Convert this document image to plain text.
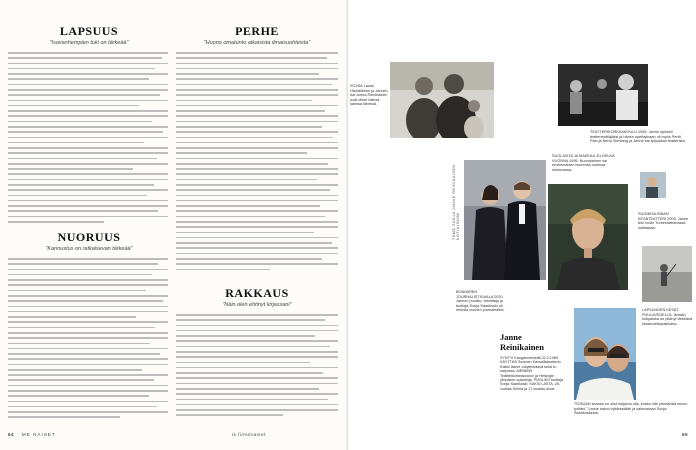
LAPSUUS
”Isovanhempien tuki on tärkeää”
NUORUUS
”Kannustus on ratkaisevan tärkeää”
PERHE
”Huono omatunto aikaisista ilmaisuohteista”
RAKKAUS
”Näin olen ehtinyt kirjassani”
64 ME NAISET	is.fi/menaiset
ISOISÄ Lasse Hämäläinen ja Jannen isä Jorma Reinikainen ovat olleet isänsä kanssa läheisiä.
TEATTERIKORKEAKOULU 1995. Janne opiskeli teatteriesittäjäksi ja hänen opettajinaan oli myös Pertti Palo ja Nena Stenberg ja Janne sai työpaikan teatterista.
TÄMÄ SARJA JANNE REINIKAISEN KOTIALBUMI
SUOLAISTA JA MAKEAA -ELOKUVA VUONNA 1995. Nuorukainen sai ensimmäisen isomman roolinsa elokuvassa.
SUOMENLINNAN KESÄTEATTERI 2005. Janne teki roolin Tuntemattomassa sotilaassa.
BONNIERIN JOURNALISTIGAALA 2020. Jannen puoliso, toimittaja ja tuottaja Sonja Saarikoski oli ehdolla vuoden journalistiksi.
Janne
Reinikainen
SYNTYI Kangasniemellä 22.3.1969. KÄYTTÄÄ Suomen Kansallisteatterin Kaikki äänet -näytelmässä sekä tv-sarjoissa. AIEMMIN Teatterikorkeakoulun ja Helsingin yliopiston opiskelija. PUOLISO tuottaja Sonja Saarikoski. KAKSI LASTA, 29-vuotias Selma ja 17-vuotias Alvar.
”SONJAN kanssa on ollut helppoa olla, koska hän ymmärtää minun työtäni.” Janne sanoo tyttärestään ja vaimostaan Sonja Saarikoskesta.
LAPSUUDEN KESÄT PUULAVEDELLÄ. Isoisän kotipaikka on pitänyt tärkeänä kesänviettopaikkana.
65
